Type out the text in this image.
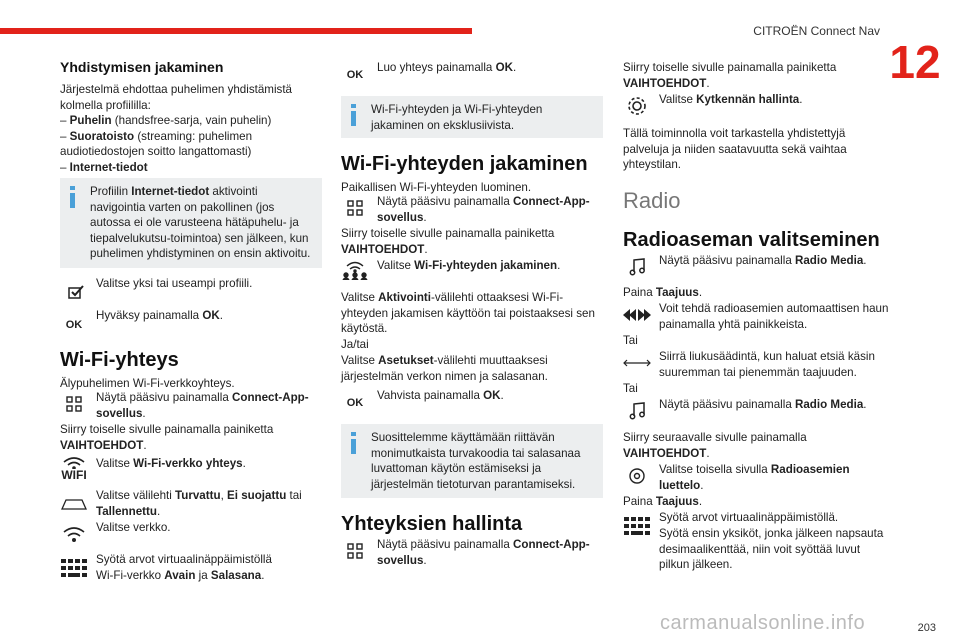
CITROËN Connect Nav
12

Yhdistymisen jakaminen

Järjestelmä ehdottaa puhelimen yhdistämistä kolmella profiililla:

– Puhelin (handsfree-sarja, vain puhelin)

– Suoratoisto (streaming: puhelimen audiotiedostojen soitto langattomasti)

– Internet-tiedot

Profiilin Internet-tiedot aktivointi navigointia varten on pakollinen (jos autossa ei ole varusteena hätäpuhelu- ja tiepalvelukutsu-toimintoa) sen jälkeen, kun puhelimen yhdistyminen on ensin aktivoitu.
Valitse yksi tai useampi profiili.
OK
Hyväksy painamalla OK.

Wi-Fi-yhteys

Älypuhelimen Wi-Fi-verkkoyhteys.

Näytä pääsivu painamalla Connect-App-sovellus.
Siirry toiselle sivulle painamalla painiketta VAIHTOEHDOT.
WIFI
Valitse Wi-Fi-verkko yhteys.
Valitse välilehti Turvattu, Ei suojattu tai Tallennettu.
Valitse verkko.
Syötä arvot virtuaalinäppäimistöllä
Wi-Fi-verkko Avain ja Salasana.
OK
Luo yhteys painamalla OK.
Wi-Fi-yhteyden ja Wi-Fi-yhteyden jakaminen on eksklusiivista.

Wi-Fi-yhteyden jakaminen

Paikallisen Wi-Fi-yhteyden luominen.

Näytä pääsivu painamalla Connect-App-sovellus.
Siirry toiselle sivulle painamalla painiketta VAIHTOEHDOT.
Valitse Wi-Fi-yhteyden jakaminen.
Valitse Aktivointi-välilehti ottaaksesi Wi-Fi-yhteyden jakamisen käyttöön tai poistaaksesi sen käytöstä.
Ja/tai
Valitse Asetukset-välilehti muuttaaksesi järjestelmän verkon nimen ja salasanan.
OK
Vahvista painamalla OK.
Suosittelemme käyttämään riittävän monimutkaista turvakoodia tai salasanaa luvattoman käytön estämiseksi ja järjestelmän tietoturvan parantamiseksi.

Yhteyksien hallinta

Näytä pääsivu painamalla Connect-App-sovellus.
Siirry toiselle sivulle painamalla painiketta VAIHTOEHDOT.
Valitse Kytkennän hallinta.
Tällä toiminnolla voit tarkastella yhdistettyjä palveluja ja niiden saatavuutta sekä vaihtaa yhteystilan.
Radio

Radioaseman valitseminen

Näytä pääsivu painamalla Radio Media.
Paina Taajuus.
Voit tehdä radioasemien automaattisen haun painamalla yhtä painikkeista.
Tai
Siirrä liukusäädintä, kun haluat etsiä käsin suuremman tai pienemmän taajuuden.
Tai
Näytä pääsivu painamalla Radio Media.
Siirry seuraavalle sivulle painamalla
VAIHTOEHDOT.
Valitse toisella sivulla Radioasemien luettelo.
Paina Taajuus.
Syötä arvot virtuaalinäppäimistöllä.
Syötä ensin yksiköt, jonka jälkeen napsauta desimaalikenttää, niin voit syöttää luvut pilkun jälkeen.
203
carmanualsonline.info
